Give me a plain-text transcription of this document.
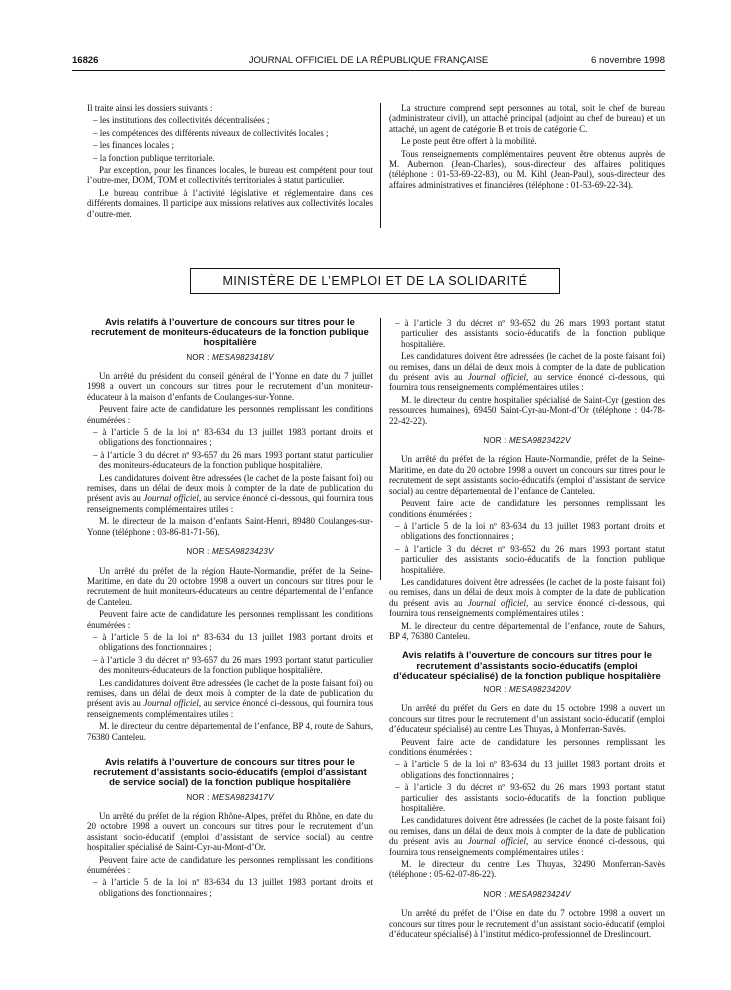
16826	JOURNAL OFFICIEL DE LA RÉPUBLIQUE FRANÇAISE	6 novembre 1998

Il traite ainsi les dossiers suivants :

– les institutions des collectivités décentralisées ;

– les compétences des différents niveaux de collectivités locales ;

– les finances locales ;

– la fonction publique territoriale.

Par exception, pour les finances locales, le bureau est compétent pour tout l’outre-mer, DOM, TOM et collectivités territoriales à statut particulier.

Le bureau contribue à l’activité législative et réglementaire dans ces différents domaines. Il participe aux missions relatives aux collectivités locales d’outre-mer.

La structure comprend sept personnes au total, soit le chef de bureau (administrateur civil), un attaché principal (adjoint au chef de bureau) et un attaché, un agent de catégorie B et trois de catégorie C.

Le poste peut être offert à la mobilité.

Tous renseignements complémentaires peuvent être obtenus auprès de M. Aubernon (Jean-Charles), sous-directeur des affaires politiques (téléphone : 01-53-69-22-83), ou M. Kihl (Jean-Paul), sous-directeur des affaires administratives et financières (téléphone : 01-53-69-22-34).

MINISTÈRE DE L’EMPLOI ET DE LA SOLIDARITÉ
Avis relatifs à l’ouverture de concours sur titres pour le recrutement de moniteurs-éducateurs de la fonction publique hospitalière
NOR : MESA9823418V

Un arrêté du président du conseil général de l’Yonne en date du 7 juillet 1998 a ouvert un concours sur titres pour le recrutement d’un moniteur-éducateur à la maison d’enfants de Coulanges-sur-Yonne.

Peuvent faire acte de candidature les personnes remplissant les conditions énumérées :

– à l’article 5 de la loi nº 83-634 du 13 juillet 1983 portant droits et obligations des fonctionnaires ;

– à l’article 3 du décret nº 93-657 du 26 mars 1993 portant statut particulier des moniteurs-éducateurs de la fonction publique hospitalière.

Les candidatures doivent être adressées (le cachet de la poste faisant foi) ou remises, dans un délai de deux mois à compter de la date de publication du présent avis au Journal officiel, au service énoncé ci-dessous, qui fournira tous renseignements complémentaires utiles :

M. le directeur de la maison d’enfants Saint-Henri, 89480 Coulanges-sur-Yonne (téléphone : 03-86-81-71-56).

NOR : MESA9823423V

Un arrêté du préfet de la région Haute-Normandie, préfet de la Seine-Maritime, en date du 20 octobre 1998 a ouvert un concours sur titres pour le recrutement de huit moniteurs-éducateurs au centre départemental de l’enfance de Canteleu.

Peuvent faire acte de candidature les personnes remplissant les conditions énumérées :

– à l’article 5 de la loi nº 83-634 du 13 juillet 1983 portant droits et obligations des fonctionnaires ;

– à l’article 3 du décret nº 93-657 du 26 mars 1993 portant statut particulier des moniteurs-éducateurs de la fonction publique hospitalière.

Les candidatures doivent être adressées (le cachet de la poste faisant foi) ou remises, dans un délai de deux mois à compter de la date de publication du présent avis au Journal officiel, au service énoncé ci-dessous, qui fournira tous renseignements complémentaires utiles :

M. le directeur du centre départemental de l’enfance, BP 4, route de Sahurs, 76380 Canteleu.

Avis relatifs à l’ouverture de concours sur titres pour le recrutement d’assistants socio-éducatifs (emploi d’assistant de service social) de la fonction publique hospitalière
NOR : MESA9823417V

Un arrêté du préfet de la région Rhône-Alpes, préfet du Rhône, en date du 20 octobre 1998 a ouvert un concours sur titres pour le recrutement d’un assistant socio-éducatif (emploi d’assistant de service social) au centre hospitalier spécialisé de Saint-Cyr-au-Mont-d’Or.

Peuvent faire acte de candidature les personnes remplissant les conditions énumérées :

– à l’article 5 de la loi nº 83-634 du 13 juillet 1983 portant droits et obligations des fonctionnaires ;

– à l’article 3 du décret nº 93-652 du 26 mars 1993 portant statut particulier des assistants socio-éducatifs de la fonction publique hospitalière.

Les candidatures doivent être adressées (le cachet de la poste faisant foi) ou remises, dans un délai de deux mois à compter de la date de publication du présent avis au Journal officiel, au service énoncé ci-dessous, qui fournira tous renseignements complémentaires utiles :

M. le directeur du centre hospitalier spécialisé de Saint-Cyr (gestion des ressources humaines), 69450 Saint-Cyr-au-Mont-d’Or (téléphone : 04-78-22-42-22).

NOR : MESA9823422V

Un arrêté du préfet de la région Haute-Normandie, préfet de la Seine-Maritime, en date du 20 octobre 1998 a ouvert un concours sur titres pour le recrutement de sept assistants socio-éducatifs (emploi d’assistant de service social) au centre départemental de l’enfance de Canteleu.

Peuvent faire acte de candidature les personnes remplissant les conditions énumérées :

– à l’article 5 de la loi nº 83-634 du 13 juillet 1983 portant droits et obligations des fonctionnaires ;

– à l’article 3 du décret nº 93-652 du 26 mars 1993 portant statut particulier des assistants socio-éducatifs de la fonction publique hospitalière.

Les candidatures doivent être adressées (le cachet de la poste faisant foi) ou remises, dans un délai de deux mois à compter de la date de publication du présent avis au Journal officiel, au service énoncé ci-dessous, qui fournira tous renseignements complémentaires utiles :

M. le directeur du centre départemental de l’enfance, route de Sahurs, BP 4, 76380 Canteleu.

Avis relatifs à l’ouverture de concours sur titres pour le recrutement d’assistants socio-éducatifs (emploi d’éducateur spécialisé) de la fonction publique hospitalière
NOR : MESA9823420V

Un arrêté du préfet du Gers en date du 15 octobre 1998 a ouvert un concours sur titres pour le recrutement d’un assistant socio-éducatif (emploi d’éducateur spécialisé) au centre Les Thuyas, à Monferran-Savès.

Peuvent faire acte de candidature les personnes remplissant les conditions énumérées :

– à l’article 5 de la loi nº 83-634 du 13 juillet 1983 portant droits et obligations des fonctionnaires ;

– à l’article 3 du décret nº 93-652 du 26 mars 1993 portant statut particulier des assistants socio-éducatifs de la fonction publique hospitalière.

Les candidatures doivent être adressées (le cachet de la poste faisant foi) ou remises, dans un délai de deux mois à compter de la date de publication du présent avis au Journal officiel, au service énoncé ci-dessous, qui fournira tous renseignements complémentaires utiles :

M. le directeur du centre Les Thuyas, 32490 Monferran-Savès (téléphone : 05-62-07-86-22).

NOR : MESA9823424V

Un arrêté du préfet de l’Oise en date du 7 octobre 1998 a ouvert un concours sur titres pour le recrutement d’un assistant socio-éducatif (emploi d’éducateur spécialisé) à l’institut médico-professionnel de Dreslincourt.
